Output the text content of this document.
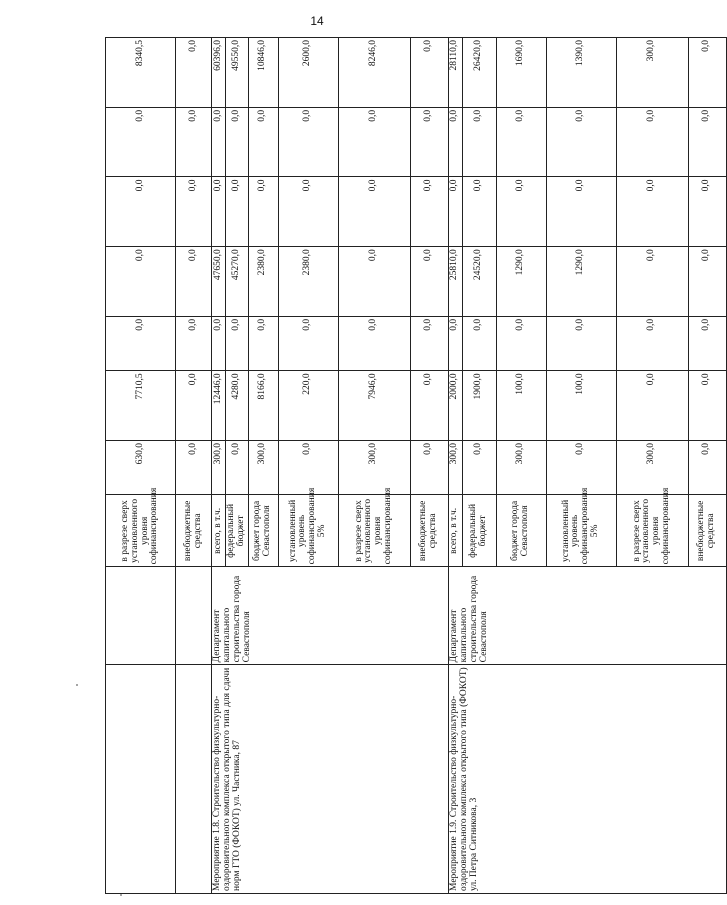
14
		в разрезе сверх установленного уровня софинансирования	630,0	7710,5	0,0	0,0	0,0	0,0	8340,5
		внебюджетные средства	0,0	0,0	0,0	0,0	0,0	0,0	0,0
Мероприятие 1.8. Строительство физкультурно-оздоровительного комплекса открытого типа для сдачи норм ГТО (ФОКОТ) ул. Частника, 87	Департамент капитального строительства города Севастополя	всего, в т.ч.	300,0	12446,0	0,0	47650,0	0,0	0,0	60396,0
		федеральный бюджет	0,0	4280,0	0,0	45270,0	0,0	0,0	49550,0
		бюджет города Севастополя	300,0	8166,0	0,0	2380,0	0,0	0,0	10846,0
		установленный уровень софинансирования 5%	0,0	220,0	0,0	2380,0	0,0	0,0	2600,0
		в разрезе сверх установленного уровня софинансирования	300,0	7946,0	0,0	0,0	0,0	0,0	8246,0
		внебюджетные средства	0,0	0,0	0,0	0,0	0,0	0,0	0,0
Мероприятие 1.9. Строительство физкультурно-оздоровительного комплекса открытого типа (ФОКОТ) ул. Петра Ситникова, 3	Департамент капитального строительства города Севастополя	всего, в т.ч.	300,0	2000,0	0,0	25810,0	0,0	0,0	28110,0
		федеральный бюджет	0,0	1900,0	0,0	24520,0	0,0	0,0	26420,0
		бюджет города Севастополя	300,0	100,0	0,0	1290,0	0,0	0,0	1690,0
		установленный уровень софинансирования 5%	0,0	100,0	0,0	1290,0	0,0	0,0	1390,0
		в разрезе сверх установленного уровня софинансирования	300,0	0,0	0,0	0,0	0,0	0,0	300,0
		внебюджетные средства	0,0	0,0	0,0	0,0	0,0	0,0	0,0
